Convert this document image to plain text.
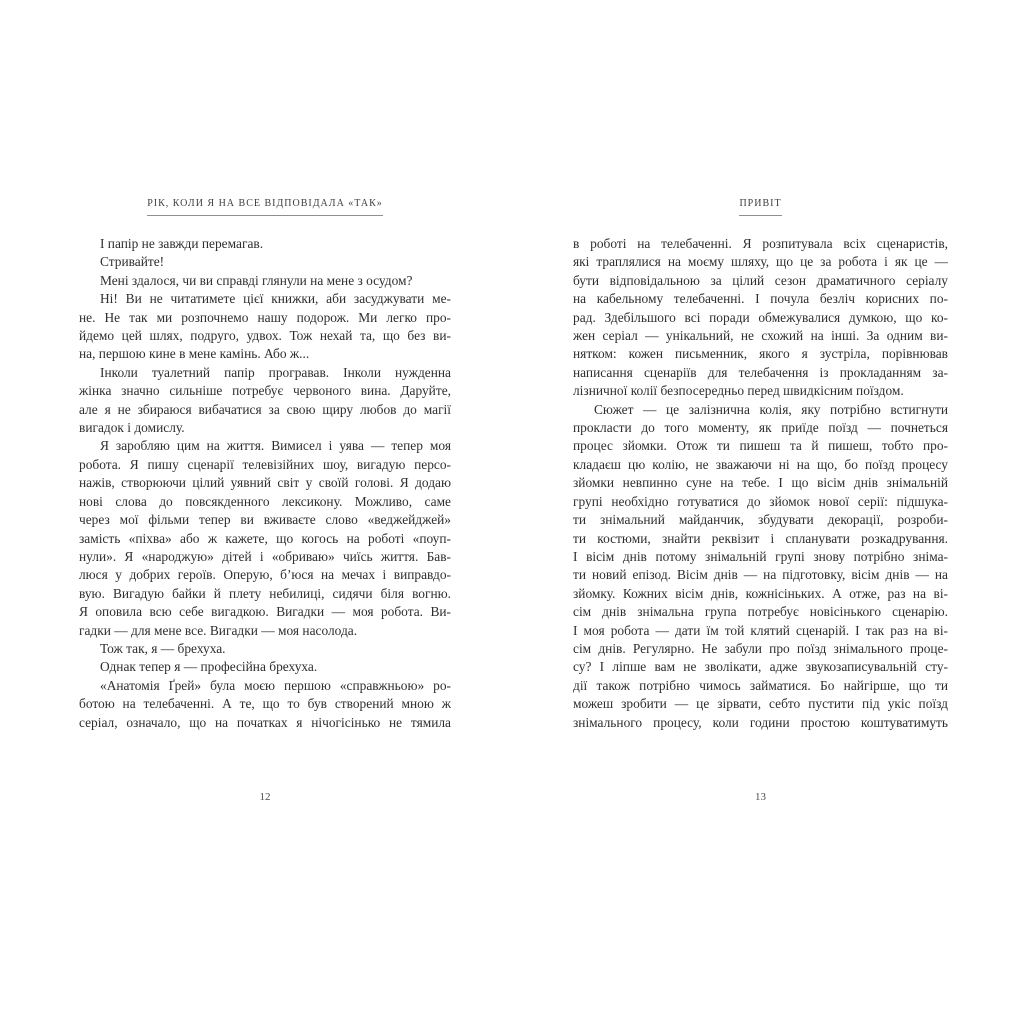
РІК, КОЛИ Я НА ВСЕ ВІДПОВІДАЛА «ТАК»
І папір не завжди перемагав.
Стривайте!
Мені здалося, чи ви справді глянули на мене з осудом?
Ні! Ви не читатимете цієї книжки, аби засуджувати ме-
не. Не так ми розпочнемо нашу подорож. Ми легко про-
йдемо цей шлях, подруго, удвох. Тож нехай та, що без ви-
на, першою кине в мене камінь. Або ж...
Інколи туалетний папір програвав. Інколи нужденна
жінка значно сильніше потребує червоного вина. Даруйте,
але я не збираюся вибачатися за свою щиру любов до магії
вигадок і домислу.
Я заробляю цим на життя. Вимисел і уява — тепер моя
робота. Я пишу сценарії телевізійних шоу, вигадую персо-
нажів, створюючи цілий уявний світ у своїй голові. Я додаю
нові слова до повсякденного лексикону. Можливо, саме
через мої фільми тепер ви вживаєте слово «веджейджей»
замість «піхва» або ж кажете, що когось на роботі «поуп-
нули». Я «народжую» дітей і «обриваю» чиїсь життя. Бав-
люся у добрих героїв. Оперую, б’юся на мечах і виправдо-
вую. Вигадую байки й плету небилиці, сидячи біля вогню.
Я оповила всю себе вигадкою. Вигадки — моя робота. Ви-
гадки — для мене все. Вигадки — моя насолода.
Тож так, я — брехуха.
Однак тепер я — професійна брехуха.
«Анатомія Ґрей» була моєю першою «справжньою» ро-
ботою на телебаченні. А те, що то був створений мною ж
серіал, означало, що на початках я нічогісінько не тямила
12
ПРИВІТ
в роботі на телебаченні. Я розпитувала всіх сценаристів,
які траплялися на моєму шляху, що це за робота і як це —
бути відповідальною за цілий сезон драматичного серіалу
на кабельному телебаченні. І почула безліч корисних по-
рад. Здебільшого всі поради обмежувалися думкою, що ко-
жен серіал — унікальний, не схожий на інші. За одним ви-
нятком: кожен письменник, якого я зустріла, порівнював
написання сценаріїв для телебачення із прокладанням за-
лізничної колії безпосередньо перед швидкісним поїздом.
Сюжет — це залізнична колія, яку потрібно встигнути
прокласти до того моменту, як приїде поїзд — почнеться
процес зйомки. Отож ти пишеш та й пишеш, тобто про-
кладаєш цю колію, не зважаючи ні на що, бо поїзд процесу
зйомки невпинно суне на тебе. І що вісім днів знімальній
групі необхідно готуватися до зйомок нової серії: підшука-
ти знімальний майданчик, збудувати декорації, розроби-
ти костюми, знайти реквізит і спланувати розкадрування.
І вісім днів потому знімальній групі знову потрібно зніма-
ти новий епізод. Вісім днів — на підготовку, вісім днів — на
зйомку. Кожних вісім днів, кожнісіньких. А отже, раз на ві-
сім днів знімальна група потребує новісінького сценарію.
І моя робота — дати їм той клятий сценарій. І так раз на ві-
сім днів. Регулярно. Не забули про поїзд знімального проце-
су? І ліпше вам не зволікати, адже звукозаписувальній сту-
дії також потрібно чимось займатися. Бо найгірше, що ти
можеш зробити — це зірвати, себто пустити під укіс поїзд
знімального процесу, коли години простою коштуватимуть
13
